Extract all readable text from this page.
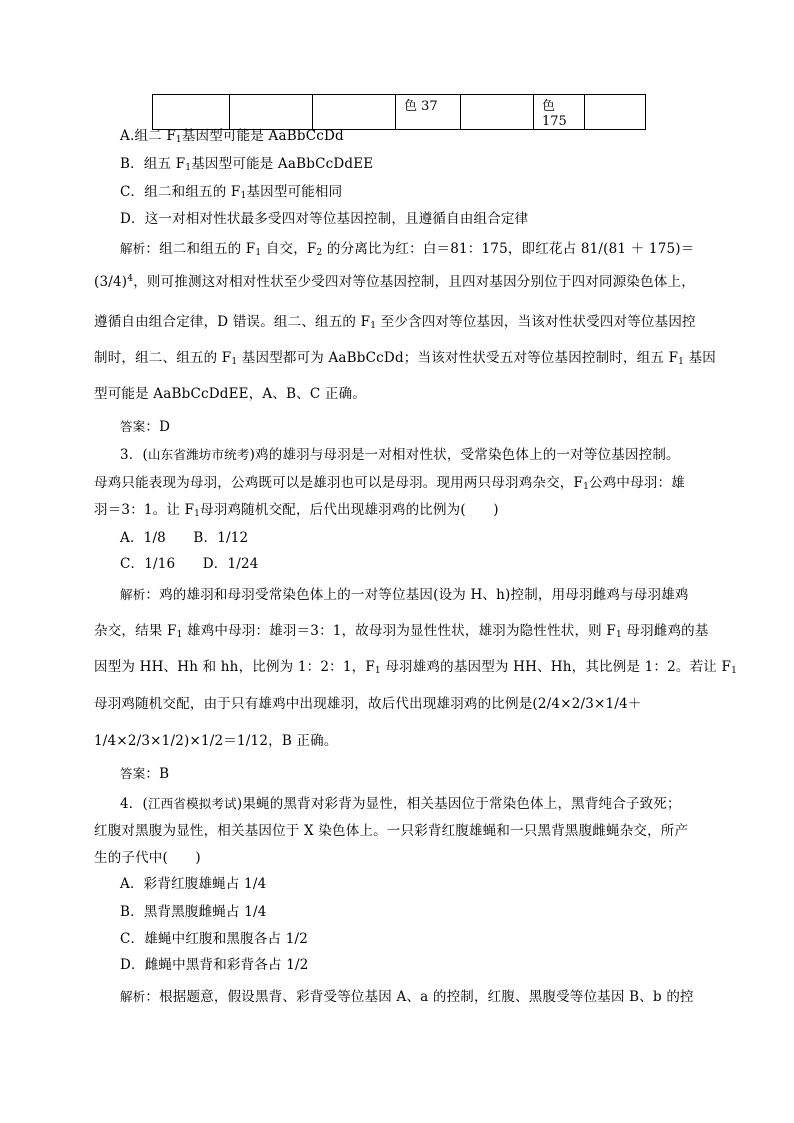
			色 37		色 175	
A.组二 $F_1$基因型可能是 AaBbCcDd
B．组五 $F_1$基因型可能是 AaBbCcDdEE
C．组二和组五的 $F_1$基因型可能相同
D．这一对相对性状最多受四对等位基因控制，且遵循自由组合定律
解析：组二和组五的 $F_1$ 自交，$F_2$ 的分离比为红：白＝81：175，即红花占 81/(81 ＋ 175)＝
$(3/4)^4$，则可推测这对相对性状至少受四对等位基因控制，且四对基因分别位于四对同源染色体上，
遵循自由组合定律，D 错误。组二、组五的 $F_1$ 至少含四对等位基因，当该对性状受四对等位基因控
制时，组二、组五的 $F_1$ 基因型都可为 AaBbCcDd；当该对性状受五对等位基因控制时，组五 $F_1$ 基因
型可能是 AaBbCcDdEE，A、B、C 正确。
答案：D
3．(山东省潍坊市统考)鸡的雄羽与母羽是一对相对性状，受常染色体上的一对等位基因控制。
母鸡只能表现为母羽，公鸡既可以是雄羽也可以是母羽。现用两只母羽鸡杂交，$F_1$公鸡中母羽：雄
羽＝3：1。让 $F_1$母羽鸡随机交配，后代出现雄羽鸡的比例为(　　)
A．1/8　　B．1/12
C．1/16　　D．1/24
解析：鸡的雄羽和母羽受常染色体上的一对等位基因(设为 H、h)控制，用母羽雌鸡与母羽雄鸡
杂交，结果 $F_1$ 雄鸡中母羽：雄羽＝3：1，故母羽为显性性状，雄羽为隐性性状，则 $F_1$ 母羽雌鸡的基
因型为 HH、Hh 和 hh，比例为 1：2：1，$F_1$ 母羽雄鸡的基因型为 HH、Hh，其比例是 1：2。若让 $F_1$
母羽鸡随机交配，由于只有雄鸡中出现雄羽，故后代出现雄羽鸡的比例是(2/4×2/3×1/4＋
1/4×2/3×1/2)×1/2＝1/12，B 正确。
答案：B
4．(江西省模拟考试)果蝇的黑背对彩背为显性，相关基因位于常染色体上，黑背纯合子致死；
红腹对黑腹为显性，相关基因位于 X 染色体上。一只彩背红腹雄蝇和一只黑背黑腹雌蝇杂交，所产
生的子代中(　　)
A．彩背红腹雄蝇占 1/4
B．黑背黑腹雌蝇占 1/4
C．雄蝇中红腹和黑腹各占 1/2
D．雌蝇中黑背和彩背各占 1/2
解析：根据题意，假设黑背、彩背受等位基因 A、a 的控制，红腹、黑腹受等位基因 B、b 的控
